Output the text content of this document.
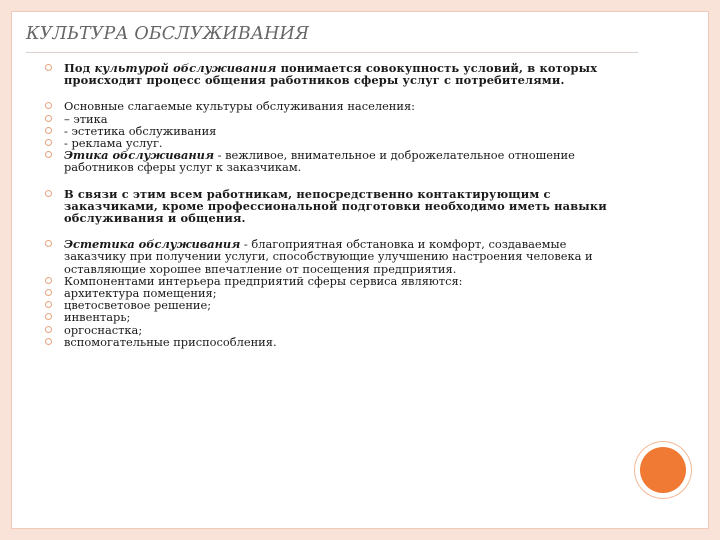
КУЛЬТУРА ОБСЛУЖИВАНИЯ
Под культурой обслуживания понимается совокупность условий, в которых происходит процесс общения работников сферы услуг с потребителями.
Основные слагаемые культуры обслуживания населения:
– этика
- эстетика обслуживания
- реклама услуг.
Этика обслуживания - вежливое, внимательное и доброжелательное отношение работников сферы услуг к заказчикам.
В связи с этим всем работникам, непосредственно контактирующим с заказчиками, кроме профессиональной подготовки необходимо иметь навыки обслуживания и общения.
Эстетика обслуживания - благоприятная обстановка и комфорт, создаваемые заказчику при получении услуги, способствующие улучшению настроения человека и оставляющие хорошее впечатление от посещения предприятия.
Компонентами интерьера предприятий сферы сервиса являются:
архитектура помещения;
цветосветовое решение;
инвентарь;
оргоснастка;
вспомогательные приспособления.
